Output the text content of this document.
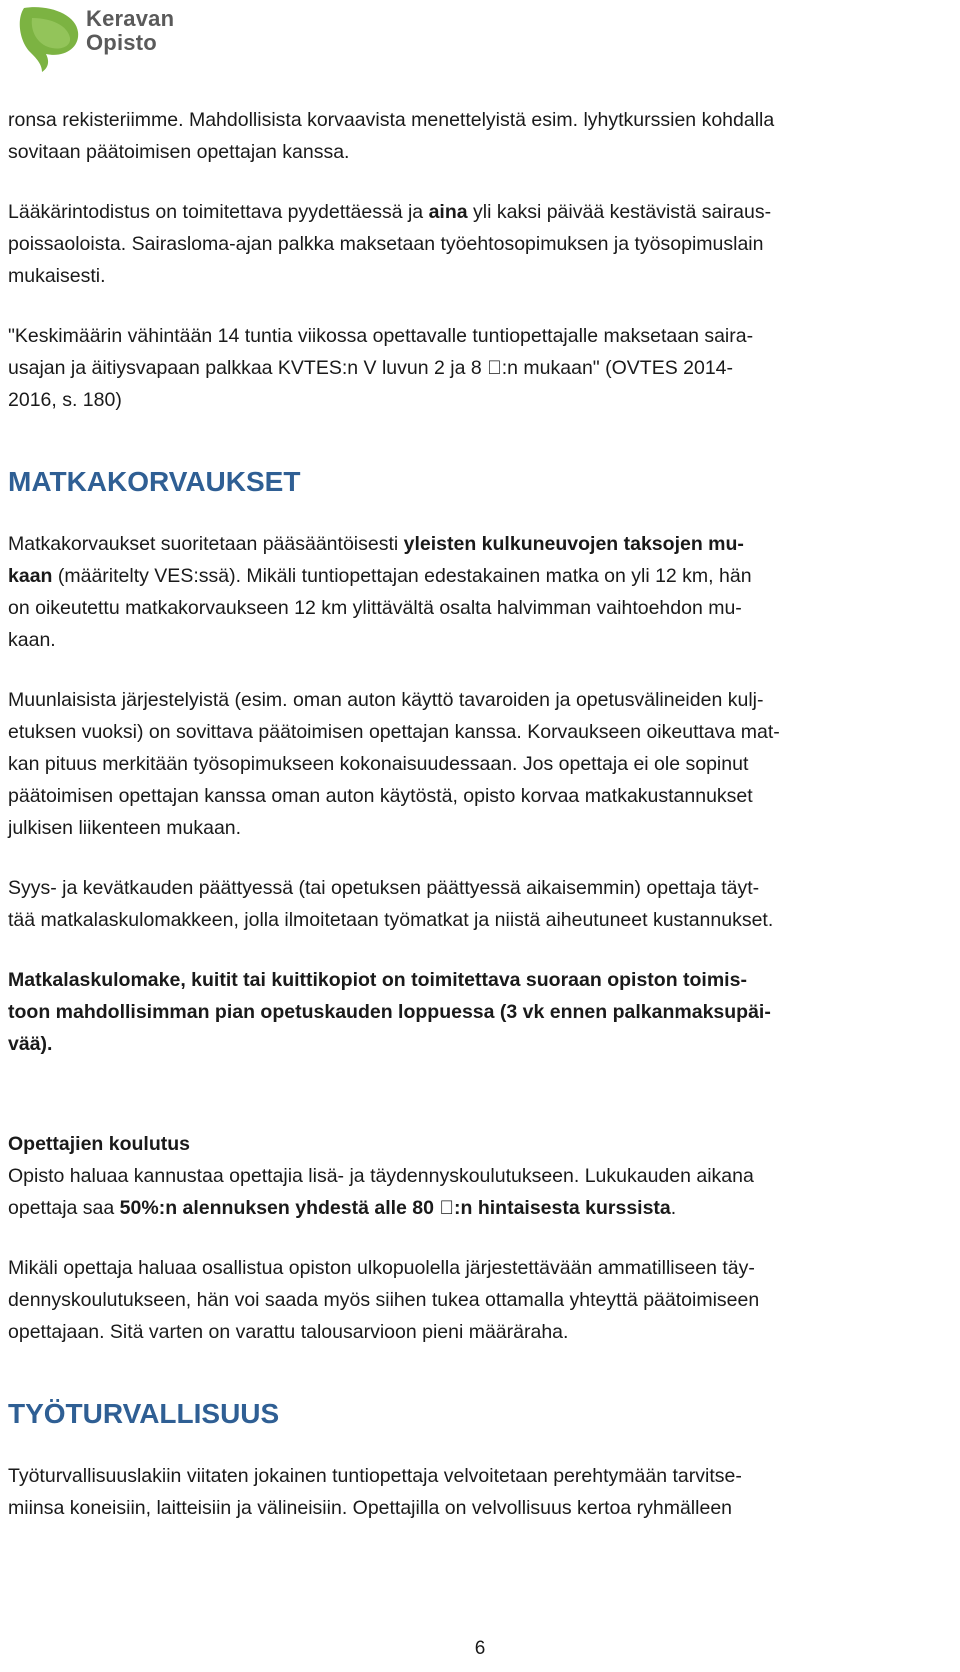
Keravan
Opisto

ronsa rekisteriimme. Mahdollisista korvaavista menettelyistä esim. lyhytkurssien kohdalla
sovitaan päätoimisen opettajan kanssa.

Lääkärintodistus on toimitettava pyydettäessä ja aina yli kaksi päivää kestävistä sairaus-
poissaoloista. Sairasloma-ajan palkka maksetaan työehtosopimuksen ja työsopimuslain
mukaisesti.

"Keskimäärin vähintään 14 tuntia viikossa opettavalle tuntiopettajalle maksetaan saira-
usajan ja äitiysvapaan palkkaa KVTES:n V luvun 2 ja 8  :n mukaan" (OVTES 2014-
2016, s. 180)

MATKAKORVAUKSET

Matkakorvaukset suoritetaan pääsääntöisesti yleisten kulkuneuvojen taksojen mu-
kaan (määritelty VES:ssä). Mikäli tuntiopettajan edestakainen matka on yli 12 km, hän
on oikeutettu matkakorvaukseen 12 km ylittävältä osalta halvimman vaihtoehdon mu-
kaan.

Muunlaisista järjestelyistä (esim. oman auton käyttö tavaroiden ja opetusvälineiden kulj-
etuksen vuoksi) on sovittava päätoimisen opettajan kanssa. Korvaukseen oikeuttava mat-
kan pituus merkitään työsopimukseen kokonaisuudessaan. Jos opettaja ei ole sopinut
päätoimisen opettajan kanssa oman auton käytöstä, opisto korvaa matkakustannukset
julkisen liikenteen mukaan.

Syys- ja kevätkauden päättyessä (tai opetuksen päättyessä aikaisemmin) opettaja täyt-
tää matkalaskulomakkeen, jolla ilmoitetaan työmatkat ja niistä aiheutuneet kustannukset.

Matkalaskulomake, kuitit tai kuittikopiot on toimitettava suoraan opiston toimis-
toon mahdollisimman pian opetuskauden loppuessa (3 vk ennen palkanmaksupäi-
vää).

Opettajien koulutus
Opisto haluaa kannustaa opettajia lisä- ja täydennyskoulutukseen. Lukukauden aikana
opettaja saa 50%:n alennuksen yhdestä alle 80  :n hintaisesta kurssista.

Mikäli opettaja haluaa osallistua opiston ulkopuolella järjestettävään ammatilliseen täy-
dennyskoulutukseen, hän voi saada myös siihen tukea ottamalla yhteyttä päätoimiseen
opettajaan. Sitä varten on varattu talousarvioon pieni määräraha.

TYÖTURVALLISUUS

Työturvallisuuslakiin viitaten jokainen tuntiopettaja velvoitetaan perehtymään tarvitse-
miinsa koneisiin, laitteisiin ja välineisiin. Opettajilla on velvollisuus kertoa ryhmälleen

6
